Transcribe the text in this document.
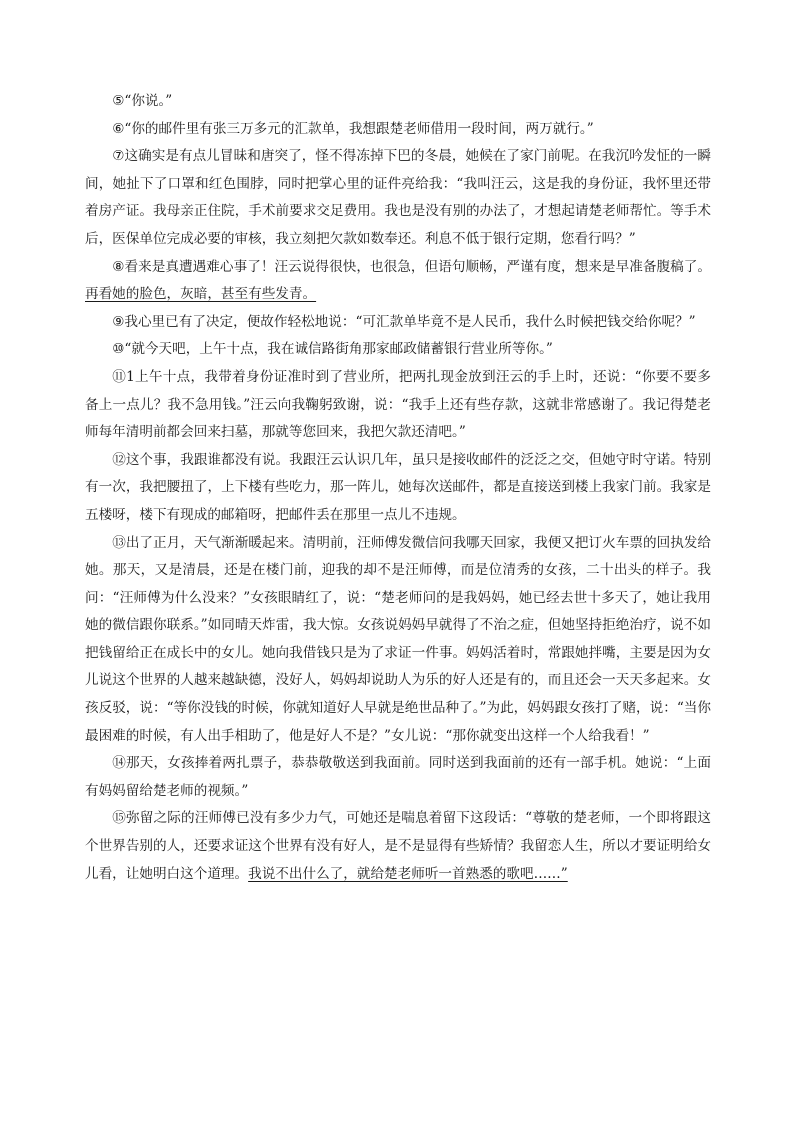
⑤“你说。”

⑥“你的邮件里有张三万多元的汇款单，我想跟楚老师借用一段时间，两万就行。”

⑦这确实是有点儿冒昧和唐突了，怪不得冻掉下巴的冬晨，她候在了家门前呢。在我沉吟发怔的一瞬间，她扯下了口罩和红色围脖，同时把掌心里的证件亮给我：“我叫汪云，这是我的身份证，我怀里还带着房产证。我母亲正住院，手术前要求交足费用。我也是没有别的办法了，才想起请楚老师帮忙。等手术后，医保单位完成必要的审核，我立刻把欠款如数奉还。利息不低于银行定期，您看行吗？”

⑧看来是真遭遇难心事了！汪云说得很快，也很急，但语句顺畅，严谨有度，想来是早准备腹稿了。再看她的脸色，灰暗，甚至有些发青。

⑨我心里已有了决定，便故作轻松地说：“可汇款单毕竟不是人民币，我什么时候把钱交给你呢？”

⑩“就今天吧，上午十点，我在诚信路街角那家邮政储蓄银行营业所等你。”

⑪1上午十点，我带着身份证准时到了营业所，把两扎现金放到汪云的手上时，还说：“你要不要多备上一点儿？我不急用钱。”汪云向我鞠躬致谢，说：“我手上还有些存款，这就非常感谢了。我记得楚老师每年清明前都会回来扫墓，那就等您回来，我把欠款还清吧。”

⑫这个事，我跟谁都没有说。我跟汪云认识几年，虽只是接收邮件的泛泛之交，但她守时守诺。特别有一次，我把腰扭了，上下楼有些吃力，那一阵儿，她每次送邮件，都是直接送到楼上我家门前。我家是五楼呀，楼下有现成的邮箱呀，把邮件丢在那里一点儿不违规。

⑬出了正月，天气渐渐暖起来。清明前，汪师傅发微信问我哪天回家，我便又把订火车票的回执发给她。那天，又是清晨，还是在楼门前，迎我的却不是汪师傅，而是位清秀的女孩，二十出头的样子。我问：“汪师傅为什么没来？”女孩眼睛红了，说：“楚老师问的是我妈妈，她已经去世十多天了，她让我用她的微信跟你联系。”如同晴天炸雷，我大惊。女孩说妈妈早就得了不治之症，但她坚持拒绝治疗，说不如把钱留给正在成长中的女儿。她向我借钱只是为了求证一件事。妈妈活着时，常跟她拌嘴，主要是因为女儿说这个世界的人越来越缺德，没好人，妈妈却说助人为乐的好人还是有的，而且还会一天天多起来。女孩反驳，说：“等你没钱的时候，你就知道好人早就是绝世品种了。”为此，妈妈跟女孩打了赌，说：“当你最困难的时候，有人出手相助了，他是好人不是？”女儿说：“那你就变出这样一个人给我看！”

⑭那天，女孩捧着两扎票子，恭恭敬敬送到我面前。同时送到我面前的还有一部手机。她说：“上面有妈妈留给楚老师的视频。”

⑮弥留之际的汪师傅已没有多少力气，可她还是喘息着留下这段话：“尊敬的楚老师，一个即将跟这个世界告别的人，还要求证这个世界有没有好人，是不是显得有些矫情？我留恋人生，所以才要证明给女儿看，让她明白这个道理。我说不出什么了，就给楚老师听一首熟悉的歌吧……”
